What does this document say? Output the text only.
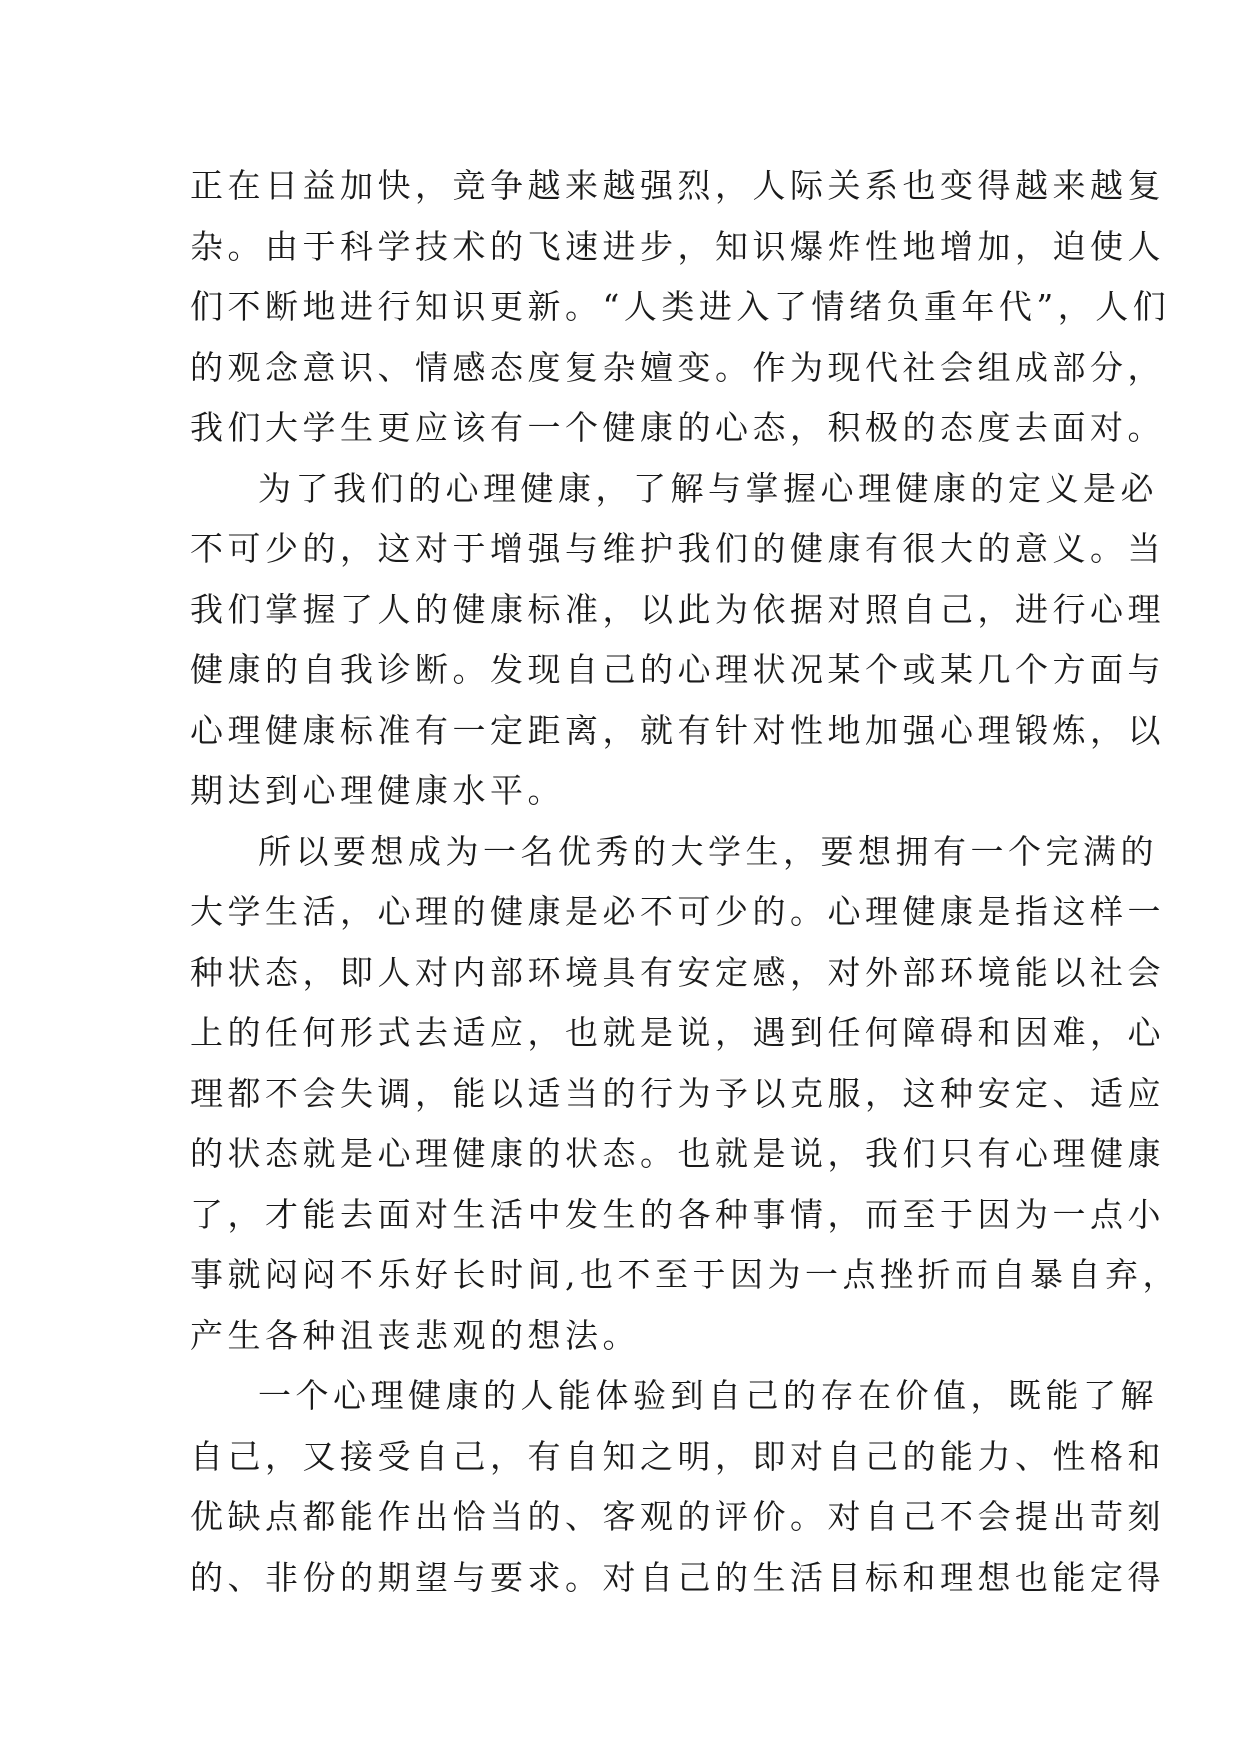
正在日益加快，竞争越来越强烈，人际关系也变得越来越复
杂。由于科学技术的飞速进步，知识爆炸性地增加，迫使人
们不断地进行知识更新。“人类进入了情绪负重年代”，人们
的观念意识、情感态度复杂嬗变。作为现代社会组成部分，
我们大学生更应该有一个健康的心态，积极的态度去面对。
为了我们的心理健康，了解与掌握心理健康的定义是必
不可少的，这对于增强与维护我们的健康有很大的意义。当
我们掌握了人的健康标准，以此为依据对照自己，进行心理
健康的自我诊断。发现自己的心理状况某个或某几个方面与
心理健康标准有一定距离，就有针对性地加强心理锻炼，以
期达到心理健康水平。
所以要想成为一名优秀的大学生，要想拥有一个完满的
大学生活，心理的健康是必不可少的。心理健康是指这样一
种状态，即人对内部环境具有安定感，对外部环境能以社会
上的任何形式去适应，也就是说，遇到任何障碍和因难，心
理都不会失调，能以适当的行为予以克服，这种安定、适应
的状态就是心理健康的状态。也就是说，我们只有心理健康
了，才能去面对生活中发生的各种事情，而至于因为一点小
事就闷闷不乐好长时间,也不至于因为一点挫折而自暴自弃，
产生各种沮丧悲观的想法。
一个心理健康的人能体验到自己的存在价值，既能了解
自己，又接受自己，有自知之明，即对自己的能力、性格和
优缺点都能作出恰当的、客观的评价。对自己不会提出苛刻
的、非份的期望与要求。对自己的生活目标和理想也能定得
